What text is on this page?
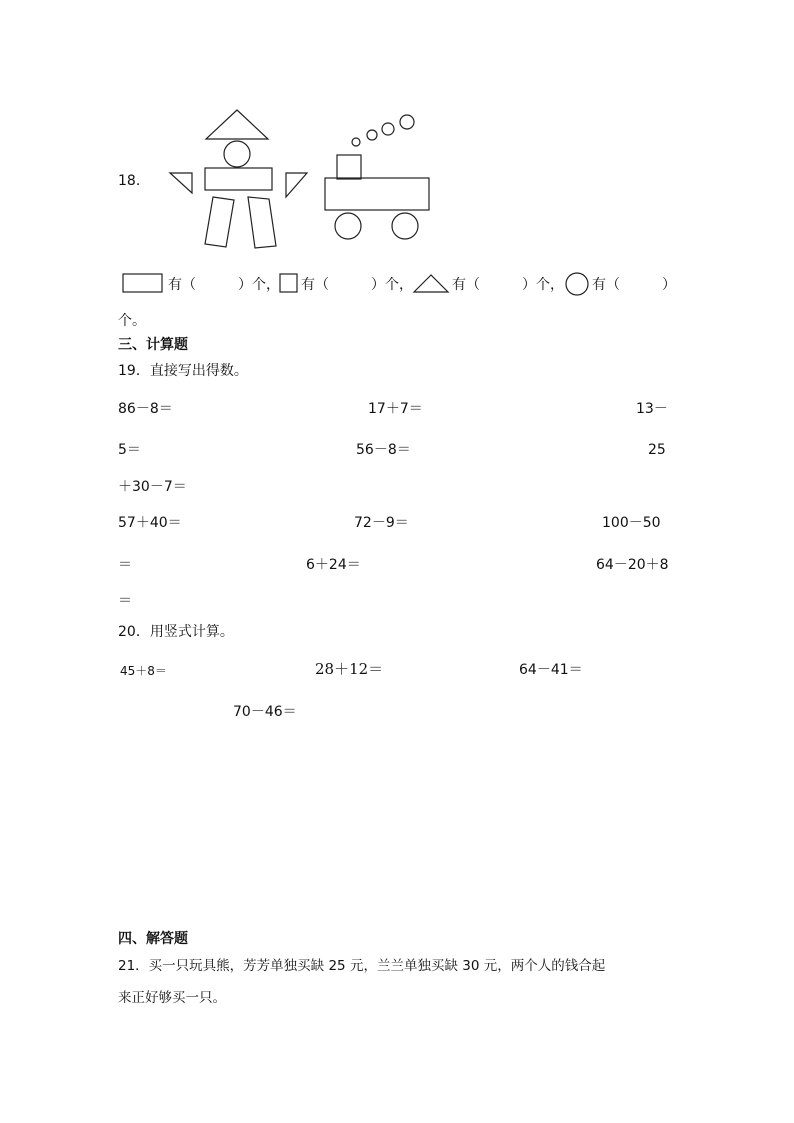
18.
有（　　　）个， 有（　　　）个，	有（　　　）个， 有（　　　）
个。
三、计算题
19．直接写出得数。
86－8＝	17＋7＝	13－
5＝	56－8＝	25
＋30－7＝
57＋40＝	72－9＝	100－50
＝	6＋24＝	64－20＋8
＝
20．用竖式计算。
45＋8＝	28＋12＝	64－41＝
70－46＝
四、解答题
21．买一只玩具熊，芳芳单独买缺 25 元，兰兰单独买缺 30 元，两个人的钱合起
来正好够买一只。
